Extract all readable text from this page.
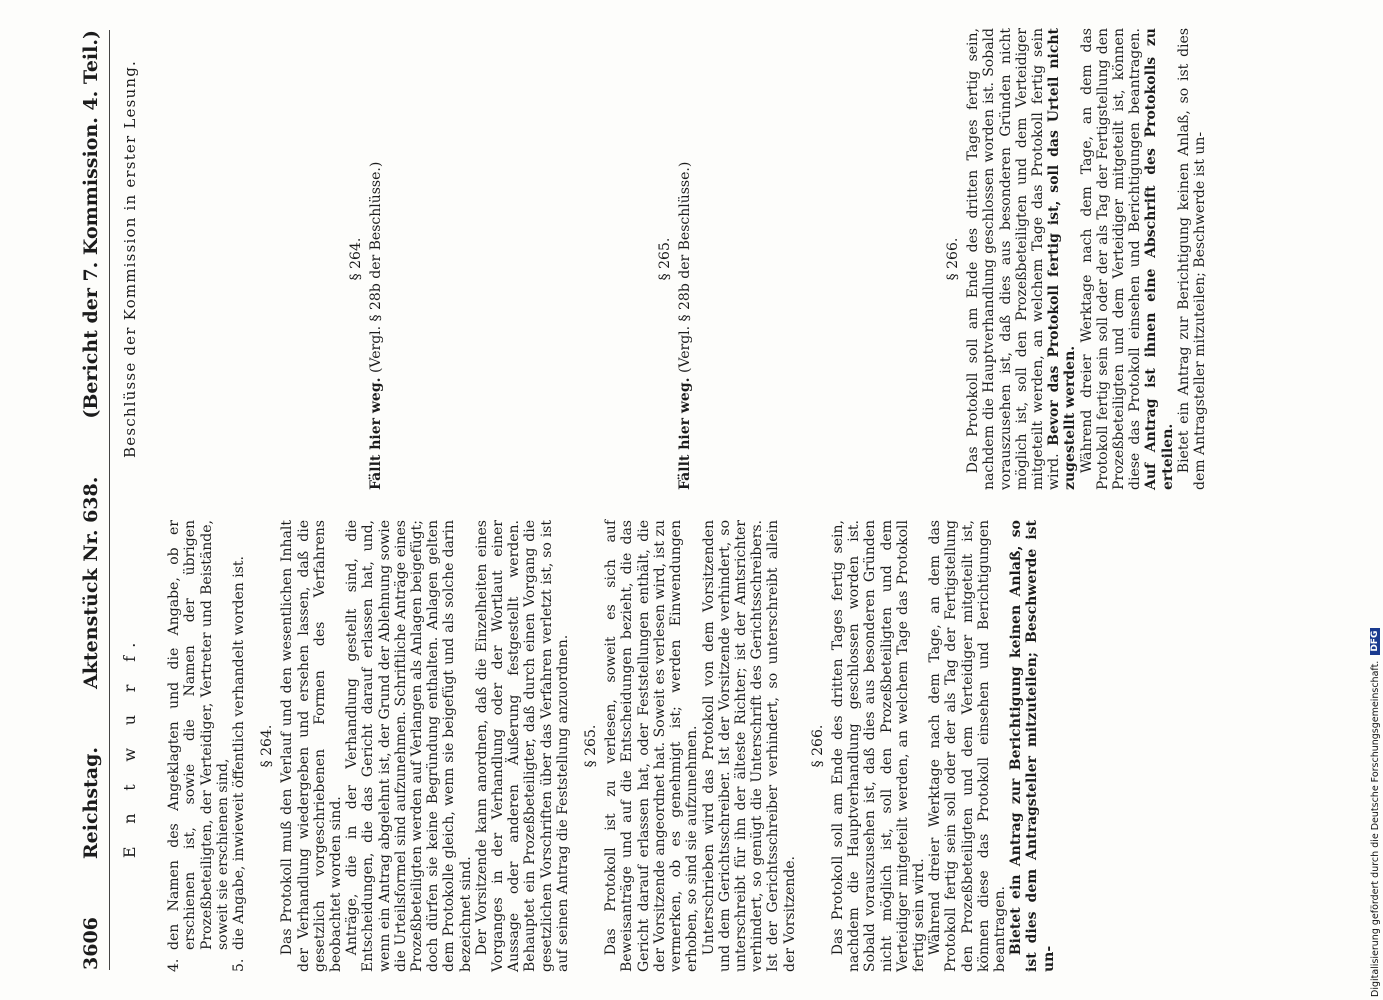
3606
Reichstag.
Aktenstück Nr. 638.
(Bericht der 7. Kommission. 4. Teil.)
E n t w u r f.

4.
den Namen des Angeklagten und die Angabe, ob er erschienen ist, sowie die Namen der übrigen Prozeßbeteiligten, der Verteidiger, Vertreter und Beistände, soweit sie erschienen sind,

5.
die Angabe, inwieweit öffentlich verhandelt worden ist. § 264. Das Protokoll muß den Verlauf und den wesentlichen Inhalt der Verhandlung wiedergeben und ersehen lassen, daß die gesetzlich vorgeschriebenen Formen des Verfahrens beobachtet worden sind. Anträge, die in der Verhandlung gestellt sind, die Entscheidungen, die das Gericht darauf erlassen hat, und, wenn ein Antrag abgelehnt ist, der Grund der Ablehnung sowie die Urteilsformel sind aufzunehmen. Schriftliche Anträge eines Prozeßbeteiligten werden auf Verlangen als Anlagen beigefügt; doch dürfen sie keine Begründung enthalten. Anlagen gelten dem Protokolle gleich, wenn sie beigefügt und als solche darin bezeichnet sind. Der Vorsitzende kann anordnen, daß die Einzelheiten eines Vorganges in der Verhandlung oder der Wortlaut einer Aussage oder anderen Äußerung festgestellt werden. Behauptet ein Prozeßbeteiligter, daß durch einen Vorgang die gesetzlichen Vorschriften über das Verfahren verletzt ist, so ist auf seinen Antrag die Feststellung anzuordnen. § 265. Das Protokoll ist zu verlesen, soweit es sich auf Beweisanträge und auf die Entscheidungen bezieht, die das Gericht darauf erlassen hat, oder Feststellungen enthält, die der Vorsitzende angeordnet hat. Soweit es verlesen wird, ist zu vermerken, ob es genehmigt ist; werden Einwendungen erhoben, so sind sie aufzunehmen. Unterschrieben wird das Protokoll von dem Vorsitzenden und dem Gerichtsschreiber. Ist der Vorsitzende verhindert, so unterschreibt für ihn der älteste Richter; ist der Amtsrichter verhindert, so genügt die Unterschrift des Gerichtsschreibers. Ist der Gerichtsschreiber verhindert, so unterschreibt allein der Vorsitzende.

§ 266. Das Protokoll soll am Ende des dritten Tages fertig sein, nachdem die Hauptverhandlung geschlossen worden ist. Sobald vorauszusehen ist, daß dies aus besonderen Gründen nicht möglich ist, soll den Prozeßbeteiligten und dem Verteidiger mitgeteilt werden, an welchem Tage das Protokoll fertig sein wird. Während dreier Werktage nach dem Tage, an dem das Protokoll fertig sein soll oder der als Tag der Fertigstellung den Prozeßbeteiligten und dem Verteidiger mitgeteilt ist, können diese das Protokoll einsehen und Berichtigungen beantragen. Bietet ein Antrag zur Berichtigung keinen Anlaß, so ist dies dem Antragsteller mitzuteilen; Beschwerde ist un-

Beschlüsse der Kommission in erster Lesung.	§ 264.

Fällt hier weg. (Vergl. § 28b der Beschlüsse.)	§ 265.

Fällt hier weg. (Vergl. § 28b der Beschlüsse.)	§ 266. Das Protokoll soll am Ende des dritten Tages fertig sein, nachdem die Hauptverhandlung geschlossen worden ist. Sobald vorauszusehen ist, daß dies aus besonderen Gründen nicht möglich ist, soll den Prozeßbeteiligten und dem Verteidiger mitgeteilt werden, an welchem Tage das Protokoll fertig sein wird. Bevor das Protokoll fertig ist, soll das Urteil nicht zugestellt werden. Während dreier Werktage nach dem Tage, an dem das Protokoll fertig sein soll oder der als Tag der Fertigstellung den Prozeßbeteiligten und dem Verteidiger mitgeteilt ist, können diese das Protokoll einsehen und Berichtigungen beantragen. Auf Antrag ist ihnen eine Abschrift des Protokolls zu erteilen. Bietet ein Antrag zur Berichtigung keinen Anlaß, so ist dies dem Antragsteller mitzuteilen; Beschwerde ist un-

Digitalisierung gefördert durch die Deutsche Forschungsgemeinschaft.
DFG
